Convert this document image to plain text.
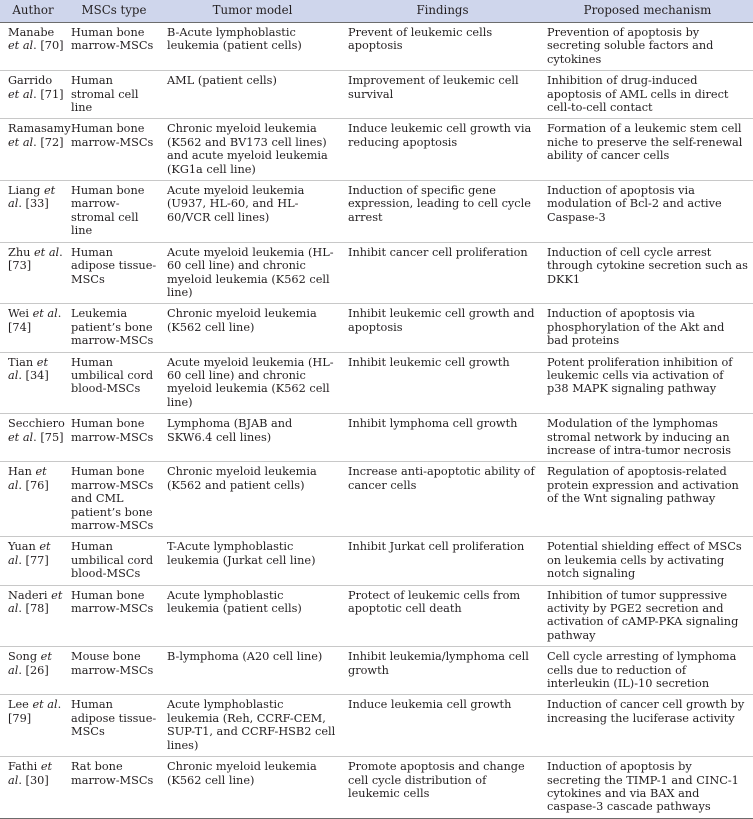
Author	MSCs type	Tumor model	Findings	Proposed mechanism
Manabe et al. [70]	Human bone marrow-MSCs	B-Acute lymphoblastic leukemia (patient cells)	Prevent of leukemic cells apoptosis	Prevention of apoptosis by secreting soluble factors and cytokines
Garrido et al. [71]	Human stromal cell line	AML (patient cells)	Improvement of leukemic cell survival	Inhibition of drug-induced apoptosis of AML cells in direct cell-to-cell contact
Ramasamy et al. [72]	Human bone marrow-MSCs	Chronic myeloid leukemia (K562 and BV173 cell lines) and acute myeloid leukemia (KG1a cell line)	Induce leukemic cell growth via reducing apoptosis	Formation of a leukemic stem cell niche to preserve the self-renewal ability of cancer cells
Liang et al. [33]	Human bone marrow-stromal cell line	Acute myeloid leukemia (U937, HL-60, and HL-60/VCR cell lines)	Induction of specific gene expression, leading to cell cycle arrest	Induction of apoptosis via modulation of Bcl-2 and active Caspase-3
Zhu et al. [73]	Human adipose tissue-MSCs	Acute myeloid leukemia (HL-60 cell line) and chronic myeloid leukemia (K562 cell line)	Inhibit cancer cell proliferation	Induction of cell cycle arrest through cytokine secretion such as DKK1
Wei et al. [74]	Leukemia patient’s bone marrow-MSCs	Chronic myeloid leukemia (K562 cell line)	Inhibit leukemic cell growth and apoptosis	Induction of apoptosis via phosphorylation of the Akt and bad proteins
Tian et al. [34]	Human umbilical cord blood-MSCs	Acute myeloid leukemia (HL-60 cell line) and chronic myeloid leukemia (K562 cell line)	Inhibit leukemic cell growth	Potent proliferation inhibition of leukemic cells via activation of p38 MAPK signaling pathway
Secchiero et al. [75]	Human bone marrow-MSCs	Lymphoma (BJAB and SKW6.4 cell lines)	Inhibit lymphoma cell growth	Modulation of the lymphomas stromal network by inducing an increase of intra-tumor necrosis
Han et al. [76]	Human bone marrow-MSCs and CML patient’s bone marrow-MSCs	Chronic myeloid leukemia (K562 and patient cells)	Increase anti-apoptotic ability of cancer cells	Regulation of apoptosis-related protein expression and activation of the Wnt signaling pathway
Yuan et al. [77]	Human umbilical cord blood-MSCs	T-Acute lymphoblastic leukemia (Jurkat cell line)	Inhibit Jurkat cell proliferation	Potential shielding effect of MSCs on leukemia cells by activating notch signaling
Naderi et al. [78]	Human bone marrow-MSCs	Acute lymphoblastic leukemia (patient cells)	Protect of leukemic cells from apoptotic cell death	Inhibition of tumor suppressive activity by PGE2 secretion and activation of cAMP-PKA signaling pathway
Song et al. [26]	Mouse bone marrow-MSCs	B-lymphoma (A20 cell line)	Inhibit leukemia/lymphoma cell growth	Cell cycle arresting of lymphoma cells due to reduction of interleukin (IL)-10 secretion
Lee et al. [79]	Human adipose tissue-MSCs	Acute lymphoblastic leukemia (Reh, CCRF-CEM, SUP-T1, and CCRF-HSB2 cell lines)	Induce leukemia cell growth	Induction of cancer cell growth by increasing the luciferase activity
Fathi et al. [30]	Rat bone marrow-MSCs	Chronic myeloid leukemia (K562 cell line)	Promote apoptosis and change cell cycle distribution of leukemic cells	Induction of apoptosis by secreting the TIMP-1 and CINC-1 cytokines and via BAX and caspase-3 cascade pathways
